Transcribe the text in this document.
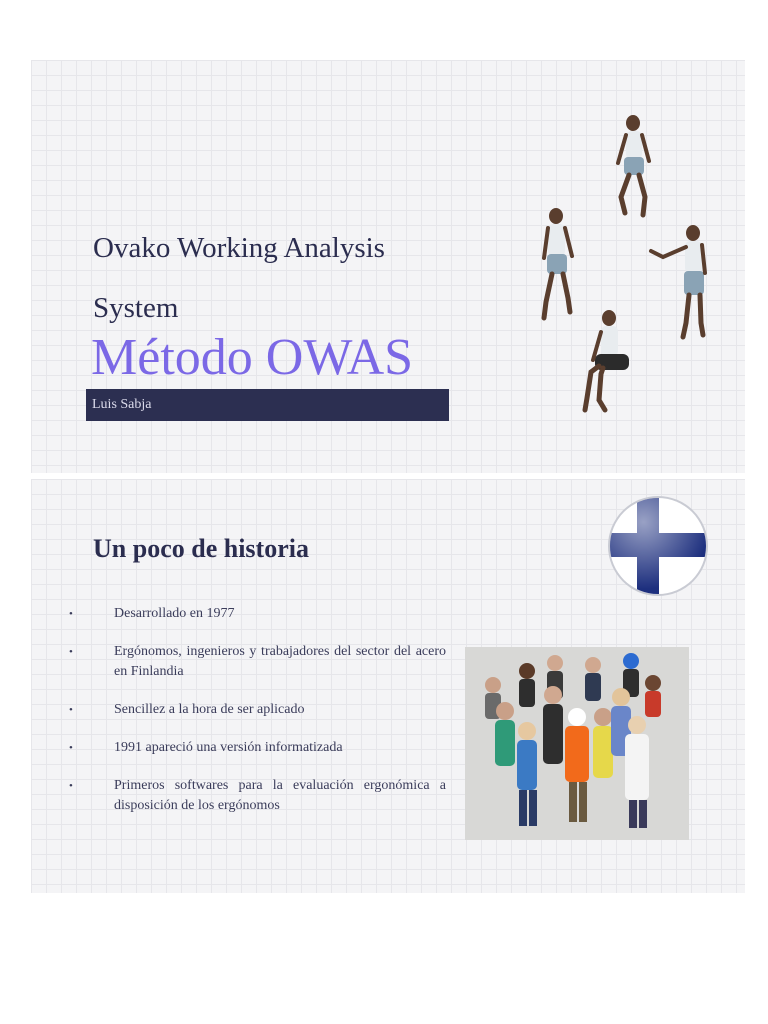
Ovako Working Analysis System
Método OWAS
Luis Sabja
Un poco de historia
• Desarrollado en 1977
• Ergónomos, ingenieros y trabajadores del sector del acero en Finlandia
• Sencillez a la hora de ser aplicado
• 1991 apareció una versión informatizada
• Primeros softwares para la evaluación ergonómica a disposición de los ergónomos
